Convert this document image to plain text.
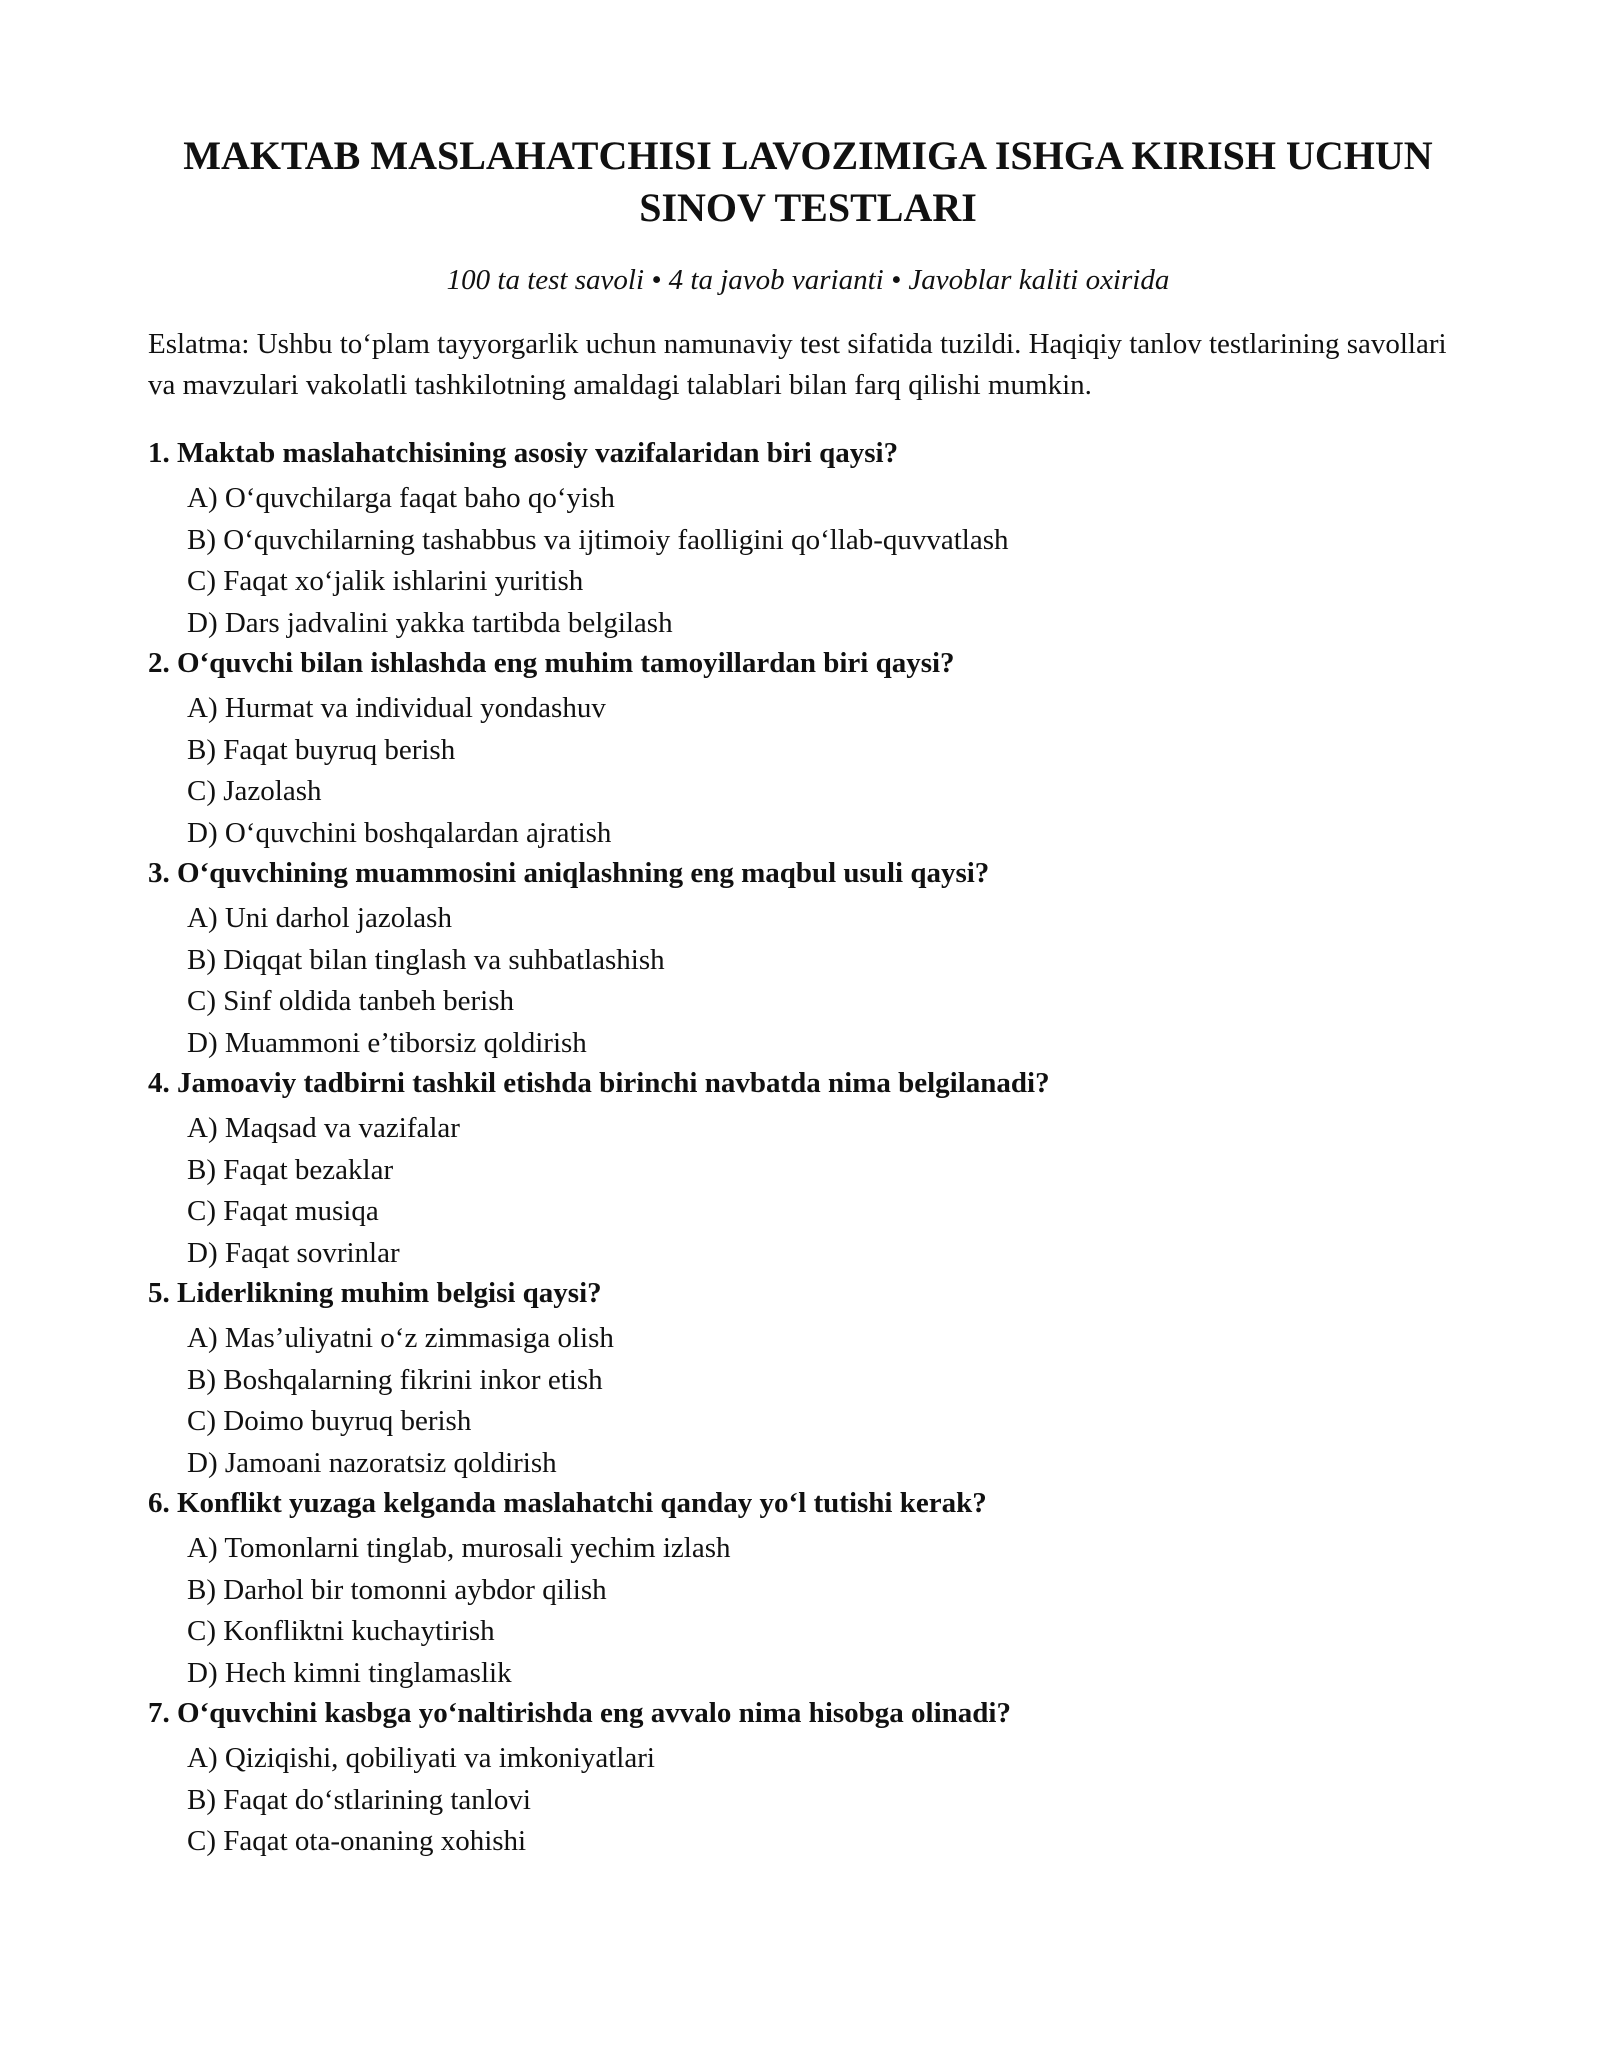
MAKTAB MASLAHATCHISI LAVOZIMIGA ISHGA KIRISH UCHUN SINOV TESTLARI

100 ta test savoli • 4 ta javob varianti • Javoblar kaliti oxirida

Eslatma: Ushbu to‘plam tayyorgarlik uchun namunaviy test sifatida tuzildi. Haqiqiy tanlov testlarining savollari va mavzulari vakolatli tashkilotning amaldagi talablari bilan farq qilishi mumkin.

1. Maktab maslahatchisining asosiy vazifalaridan biri qaysi?
A) O‘quvchilarga faqat baho qo‘yish
B) O‘quvchilarning tashabbus va ijtimoiy faolligini qo‘llab-quvvatlash
C) Faqat xo‘jalik ishlarini yuritish
D) Dars jadvalini yakka tartibda belgilash
2. O‘quvchi bilan ishlashda eng muhim tamoyillardan biri qaysi?
A) Hurmat va individual yondashuv
B) Faqat buyruq berish
C) Jazolash
D) O‘quvchini boshqalardan ajratish
3. O‘quvchining muammosini aniqlashning eng maqbul usuli qaysi?
A) Uni darhol jazolash
B) Diqqat bilan tinglash va suhbatlashish
C) Sinf oldida tanbeh berish
D) Muammoni e’tiborsiz qoldirish
4. Jamoaviy tadbirni tashkil etishda birinchi navbatda nima belgilanadi?
A) Maqsad va vazifalar
B) Faqat bezaklar
C) Faqat musiqa
D) Faqat sovrinlar
5. Liderlikning muhim belgisi qaysi?
A) Mas’uliyatni o‘z zimmasiga olish
B) Boshqalarning fikrini inkor etish
C) Doimo buyruq berish
D) Jamoani nazoratsiz qoldirish
6. Konflikt yuzaga kelganda maslahatchi qanday yo‘l tutishi kerak?
A) Tomonlarni tinglab, murosali yechim izlash
B) Darhol bir tomonni aybdor qilish
C) Konfliktni kuchaytirish
D) Hech kimni tinglamaslik
7. O‘quvchini kasbga yo‘naltirishda eng avvalo nima hisobga olinadi?
A) Qiziqishi, qobiliyati va imkoniyatlari
B) Faqat do‘stlarining tanlovi
C) Faqat ota-onaning xohishi
